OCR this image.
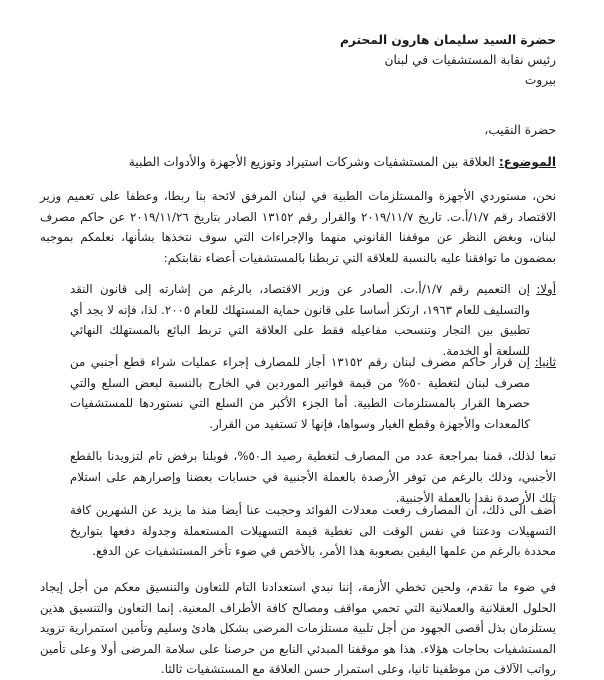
حضرة السيد سليمان هارون المحترم
رئيس نقابة المستشفيات في لبنان
بيروت
حضرة النقيب،
الموضوع: العلاقة بين المستشفيات وشركات استيراد وتوزيع الأجهزة والأدوات الطبية
نحن، مستوردي الأجهزة والمستلزمات الطبية في لبنان المرفق لائحة بنا ربطا، وعطفا على تعميم وزير الاقتصاد رقم ١/٧/أ.ت. تاريخ ٢٠١٩/١١/٧ والقرار رقم ١٣١٥٢ الصادر بتاريخ ٢٠١٩/١١/٢٦ عن حاكم مصرف لبنان، وبغض النظر عن موقفنا القانوني منهما والإجراءات التي سوف نتخذها بشأنها، نعلمكم بموجبه بمضمون ما توافقنا عليه بالنسبة للعلاقة التي تربطنا بالمستشفيات أعضاء نقابتكم:
أولا:
إن التعميم رقم ١/٧/أ.ت. الصادر عن وزير الاقتصاد، بالرغم من إشارته إلى قانون النقد والتسليف للعام ١٩٦٣، ارتكز أساسا على قانون حماية المستهلك للعام ٢٠٠٥. لذا، فإنه لا يجد أي تطبيق بين التجار وتنسحب مفاعيله فقط على العلاقة التي تربط البائع بالمستهلك النهائي للسلعة أو الخدمة.
ثانيا:
إن قرار حاكم مصرف لبنان رقم ١٣١٥٢ أجاز للمصارف إجراء عمليات شراء قطع أجنبي من مصرف لبنان لتغطية ٥٠% من قيمة فواتير الموردين في الخارج بالنسبة لبعض السلع والتي حصرها القرار بالمستلزمات الطبية. أما الجزء الأكبر من السلع التي نستوردها للمستشفيات كالمعدات والأجهزة وقطع الغيار وسواها، فإنها لا تستفيد من القرار.
تبعا لذلك، قمنا بمراجعة عدد من المصارف لتغطية رصيد الـ٥٠%، فوبلنا برفض تام لتزويدنا بالقطع الأجنبي، وذلك بالرغم من توفر الأرصدة بالعملة الأجنبية في حسابات بعضنا وإصرارهم على استلام تلك الأرصدة نقدا بالعملة الأجنبية.
أضف الى ذلك، أن المصارف رفعت معدلات الفوائد وحجبت عنا أيضا منذ ما يزيد عن الشهرين كافة التسهيلات ودعتنا في نفس الوقت الى تغطية قيمة التسهيلات المستعملة وجدولة دفعها بتواريخ محددة بالرغم من علمها اليقين بصعوبة هذا الأمر، بالأخص في ضوء تأخر المستشفيات عن الدفع.
في ضوء ما تقدم، ولحين تخطي الأزمة، إننا نبدي استعدادنا التام للتعاون والتنسيق معكم من أجل إيجاد الحلول العقلانية والعملانية التي تحمي مواقف ومصالح كافة الأطراف المعنية. إنما التعاون والتنسيق هذين يستلزمان بذل أقصى الجهود من أجل تلبية مستلزمات المرضى بشكل هادئ وسليم وتأمين استمرارية تزويد المستشفيات بحاجات هؤلاء. هذا هو موقفنا المبدئي النابع من حرصنا على سلامة المرضى أولا وعلى تأمين رواتب الآلاف من موظفينا ثانيا، وعلى استمرار حسن العلاقة مع المستشفيات ثالثا.
